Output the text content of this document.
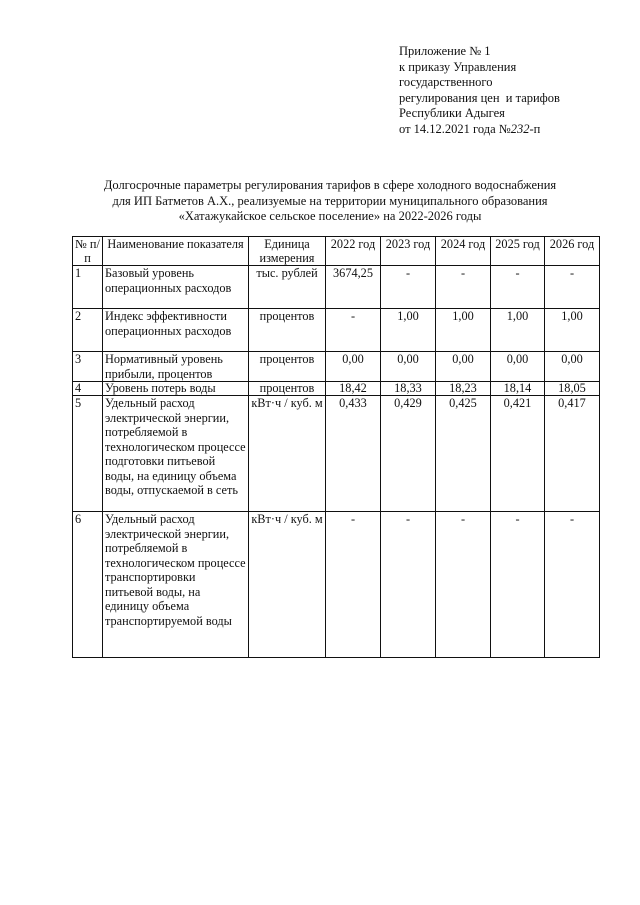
Приложение № 1
к приказу Управления
государственного
регулирования цен  и тарифов
Республики Адыгея
от 14.12.2021 года №232-п
Долгосрочные параметры регулирования тарифов в сфере холодного водоснабжения
для ИП Батметов А.Х., реализуемые на территории муниципального образования
«Хатажукайское сельское поселение» на 2022-2026 годы
№ п/п	Наименование показателя	Единица измерения	2022 год	2023 год	2024 год	2025 год	2026 год
1	Базовый уровень операционных расходов	тыс. рублей	3674,25	-	-	-	-
2	Индекс эффективности операционных расходов	процентов	-	1,00	1,00	1,00	1,00
3	Нормативный уровень прибыли, процентов	процентов	0,00	0,00	0,00	0,00	0,00
4	Уровень потерь воды	процентов	18,42	18,33	18,23	18,14	18,05
5	Удельный расход электрической энергии, потребляемой в технологическом процессе подготовки питьевой воды, на единицу объема воды, отпускаемой в сеть	кВт·ч / куб. м	0,433	0,429	0,425	0,421	0,417
6	Удельный расход электрической энергии, потребляемой в технологическом процессе транспортировки питьевой воды, на единицу объема транспортируемой воды	кВт·ч / куб. м	-	-	-	-	-
